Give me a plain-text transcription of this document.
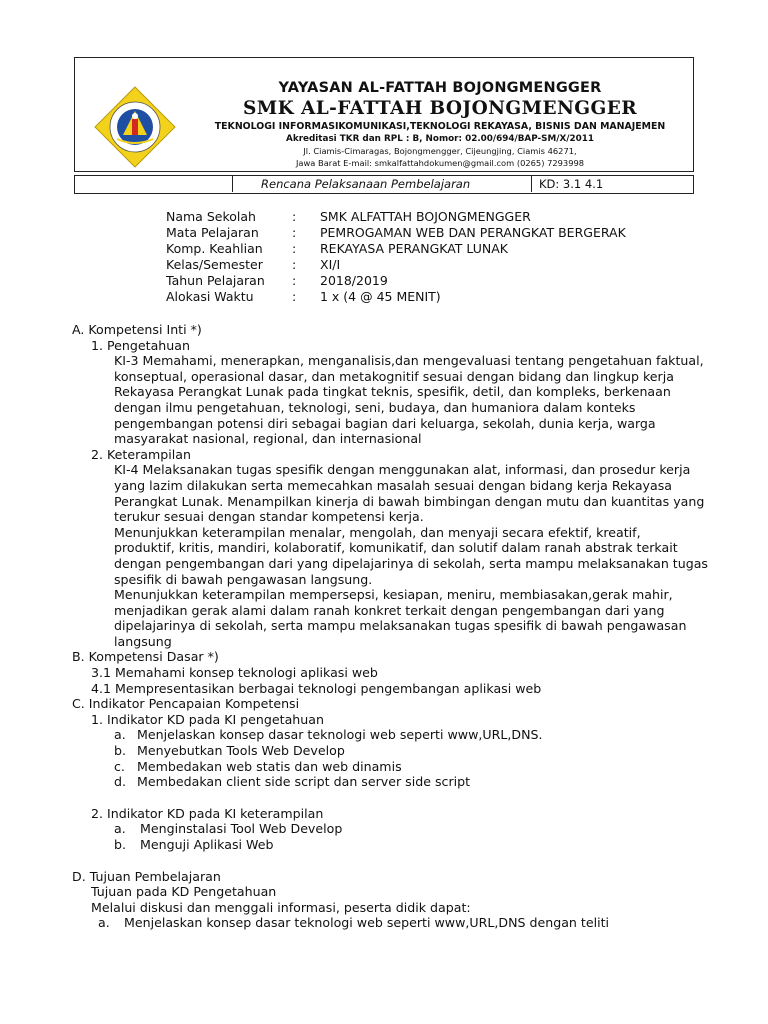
YAYASAN AL-FATTAH BOJONGMENGGER
SMK AL-FATTAH BOJONGMENGGER
TEKNOLOGI INFORMASIKOMUNIKASI,TEKNOLOGI REKAYASA, BISNIS DAN MANAJEMEN
Akreditasi TKR dan RPL : B, Nomor: 02.00/694/BAP-SM/X/2011
Jl. Ciamis-Cimaragas, Bojongmengger, Cijeungjing, Ciamis 46271,
Jawa Barat E-mail: smkalfattahdokumen@gmail.com (0265) 7293998
Rencana Pelaksanaan Pembelajaran	KD: 3.1 4.1
Nama Sekolah	: SMK ALFATTAH BOJONGMENGGER
Mata Pelajaran	: PEMROGAMAN WEB DAN PERANGKAT BERGERAK
Komp. Keahlian : REKAYASA PERANGKAT LUNAK
Kelas/Semester : XI/I
Tahun Pelajaran : 2018/2019
Alokasi Waktu	: 1 x (4 @ 45 MENIT)
A. Kompetensi Inti *)
1. Pengetahuan
KI-3 Memahami, menerapkan, menganalisis,dan mengevaluasi tentang pengetahuan faktual,
konseptual, operasional dasar, dan metakognitif sesuai dengan bidang dan lingkup kerja
Rekayasa Perangkat Lunak pada tingkat teknis, spesifik, detil, dan kompleks, berkenaan
dengan ilmu pengetahuan, teknologi, seni, budaya, dan humaniora dalam konteks
pengembangan potensi diri sebagai bagian dari keluarga, sekolah, dunia kerja, warga
masyarakat nasional, regional, dan internasional
2. Keterampilan
KI-4 Melaksanakan tugas spesifik dengan menggunakan alat, informasi, dan prosedur kerja
yang lazim dilakukan serta memecahkan masalah sesuai dengan bidang kerja Rekayasa
Perangkat Lunak. Menampilkan kinerja di bawah bimbingan dengan mutu dan kuantitas yang
terukur sesuai dengan standar kompetensi kerja.
Menunjukkan keterampilan menalar, mengolah, dan menyaji secara efektif, kreatif,
produktif, kritis, mandiri, kolaboratif, komunikatif, dan solutif dalam ranah abstrak terkait
dengan pengembangan dari yang dipelajarinya di sekolah, serta mampu melaksanakan tugas
spesifik di bawah pengawasan langsung.
Menunjukkan keterampilan mempersepsi, kesiapan, meniru, membiasakan,gerak mahir,
menjadikan gerak alami dalam ranah konkret terkait dengan pengembangan dari yang
dipelajarinya di sekolah, serta mampu melaksanakan tugas spesifik di bawah pengawasan
langsung
B. Kompetensi Dasar *)
3.1 Memahami konsep teknologi aplikasi web
4.1 Mempresentasikan berbagai teknologi pengembangan aplikasi web
C. Indikator Pencapaian Kompetensi
1. Indikator KD pada KI pengetahuan
a. Menjelaskan konsep dasar teknologi web seperti www,URL,DNS.
b. Menyebutkan Tools Web Develop
c. Membedakan web statis dan web dinamis
d. Membedakan client side script dan server side script
2. Indikator KD pada KI keterampilan
a. Menginstalasi Tool Web Develop
b. Menguji Aplikasi Web
D. Tujuan Pembelajaran
Tujuan pada KD Pengetahuan
Melalui diskusi dan menggali informasi, peserta didik dapat:
a. Menjelaskan konsep dasar teknologi web seperti www,URL,DNS dengan teliti
